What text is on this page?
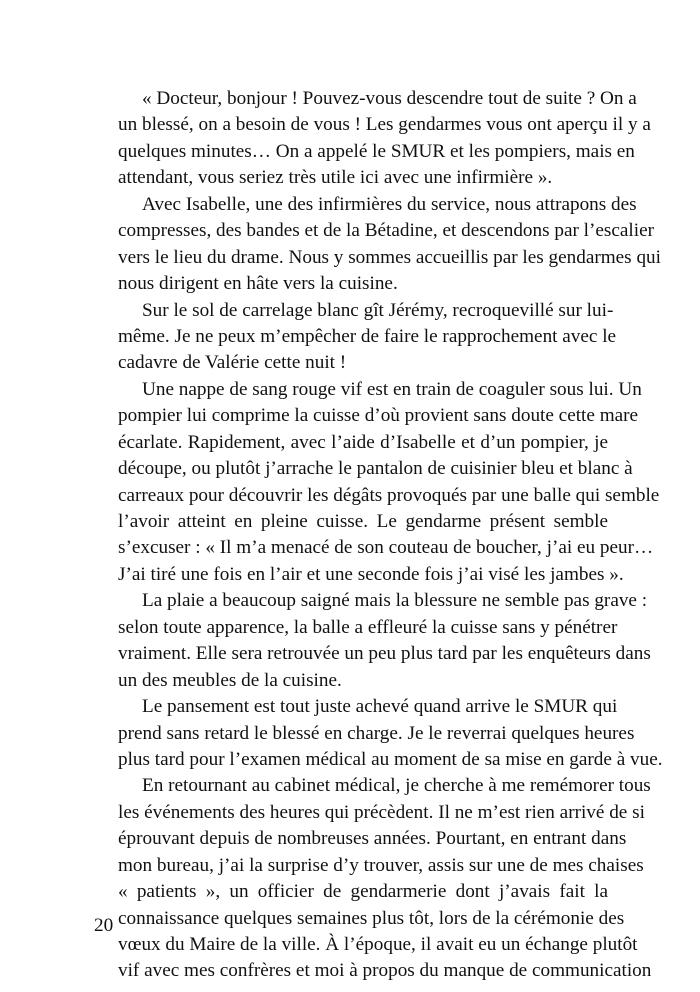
« Docteur, bonjour ! Pouvez-vous descendre tout de suite ? On a
un blessé, on a besoin de vous ! Les gendarmes vous ont aperçu il y a
quelques minutes… On a appelé le SMUR et les pompiers, mais en
attendant, vous seriez très utile ici avec une infirmière ».
Avec Isabelle, une des infirmières du service, nous attrapons des
compresses, des bandes et de la Bétadine, et descendons par l’escalier
vers le lieu du drame. Nous y sommes accueillis par les gendarmes qui
nous dirigent en hâte vers la cuisine.
Sur le sol de carrelage blanc gît Jérémy, recroquevillé sur lui-
même. Je ne peux m’empêcher de faire le rapprochement avec le
cadavre de Valérie cette nuit !
Une nappe de sang rouge vif est en train de coaguler sous lui. Un
pompier lui comprime la cuisse d’où provient sans doute cette mare
écarlate. Rapidement, avec l’aide d’Isabelle et d’un pompier, je
découpe, ou plutôt j’arrache le pantalon de cuisinier bleu et blanc à
carreaux pour découvrir les dégâts provoqués par une balle qui semble
l’avoir atteint en pleine cuisse. Le gendarme présent semble
s’excuser : « Il m’a menacé de son couteau de boucher, j’ai eu peur…
J’ai tiré une fois en l’air et une seconde fois j’ai visé les jambes ».
La plaie a beaucoup saigné mais la blessure ne semble pas grave :
selon toute apparence, la balle a effleuré la cuisse sans y pénétrer
vraiment. Elle sera retrouvée un peu plus tard par les enquêteurs dans
un des meubles de la cuisine.
Le pansement est tout juste achevé quand arrive le SMUR qui
prend sans retard le blessé en charge. Je le reverrai quelques heures
plus tard pour l’examen médical au moment de sa mise en garde à vue.
En retournant au cabinet médical, je cherche à me remémorer tous
les événements des heures qui précèdent. Il ne m’est rien arrivé de si
éprouvant depuis de nombreuses années. Pourtant, en entrant dans
mon bureau, j’ai la surprise d’y trouver, assis sur une de mes chaises
« patients », un officier de gendarmerie dont j’avais fait la
connaissance quelques semaines plus tôt, lors de la cérémonie des
vœux du Maire de la ville. À l’époque, il avait eu un échange plutôt
vif avec mes confrères et moi à propos du manque de communication
20
